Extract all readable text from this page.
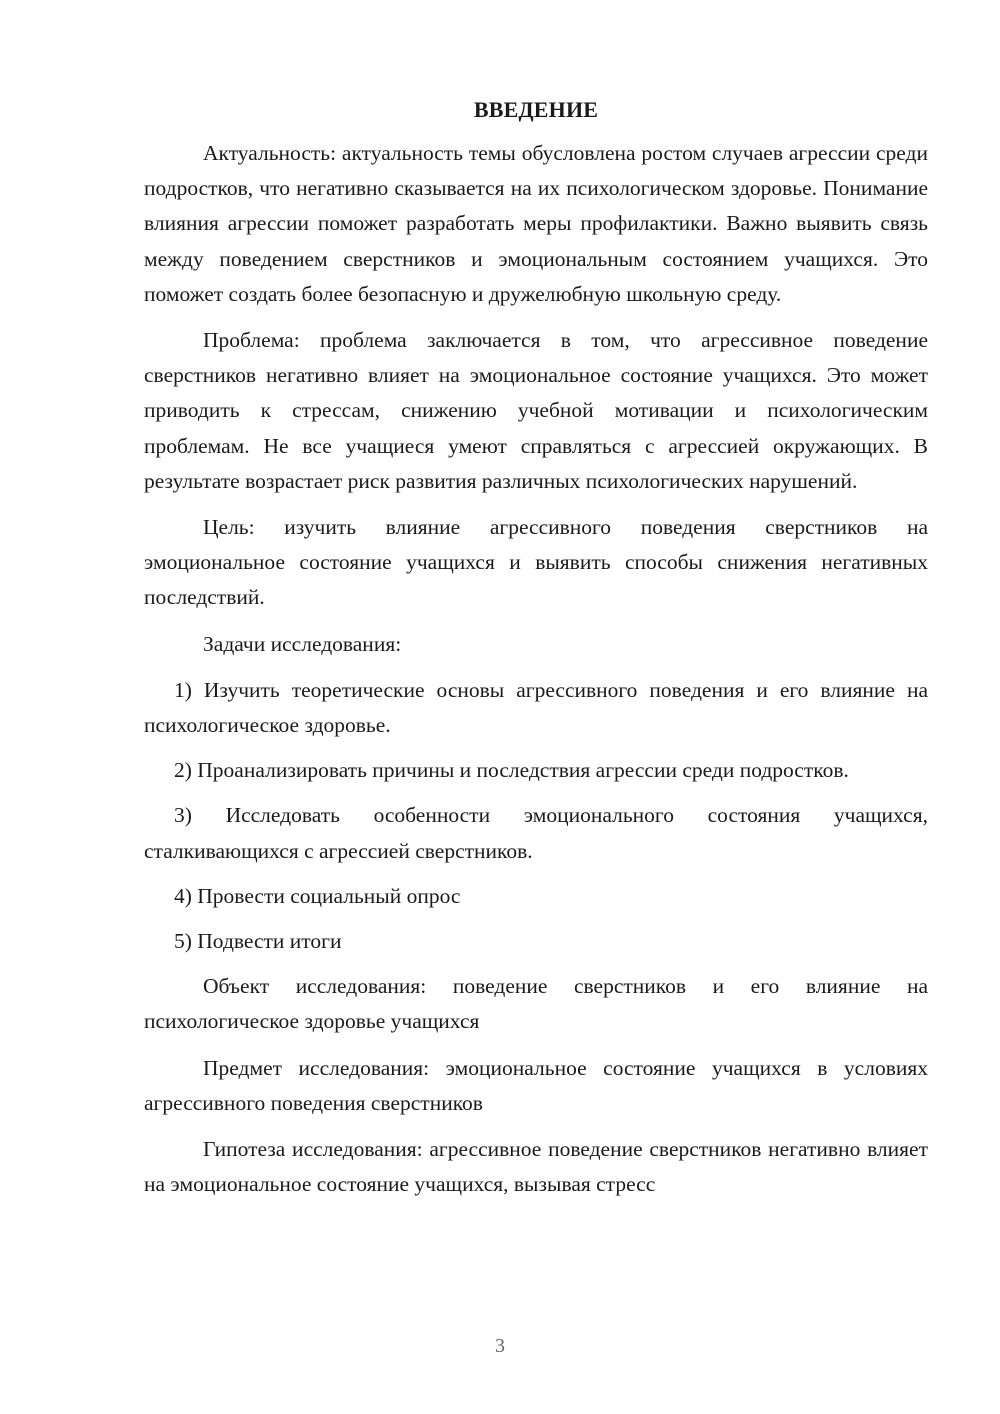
ВВЕДЕНИЕ

Актуальность: актуальность темы обусловлена ростом случаев агрессии среди подростков, что негативно сказывается на их психологическом здоровье. Понимание влияния агрессии поможет разработать меры профилактики. Важно выявить связь между поведением сверстников и эмоциональным состоянием учащихся. Это поможет создать более безопасную и дружелюбную школьную среду.

Проблема: проблема заключается в том, что агрессивное поведение сверстников негативно влияет на эмоциональное состояние учащихся. Это может приводить к стрессам, снижению учебной мотивации и психологическим проблемам. Не все учащиеся умеют справляться с агрессией окружающих. В результате возрастает риск развития различных психологических нарушений.

Цель: изучить влияние агрессивного поведения сверстников на эмоциональное состояние учащихся и выявить способы снижения негативных последствий.

Задачи исследования:

1) Изучить теоретические основы агрессивного поведения и его влияние на психологическое здоровье.

2) Проанализировать причины и последствия агрессии среди подростков.

3) Исследовать особенности эмоционального состояния учащихся, сталкивающихся с агрессией сверстников.

4) Провести социальный опрос

5) Подвести итоги

Объект исследования: поведение сверстников и его влияние на психологическое здоровье учащихся

Предмет исследования: эмоциональное состояние учащихся в условиях агрессивного поведения сверстников

Гипотеза исследования: агрессивное поведение сверстников негативно влияет на эмоциональное состояние учащихся, вызывая стресс

3
